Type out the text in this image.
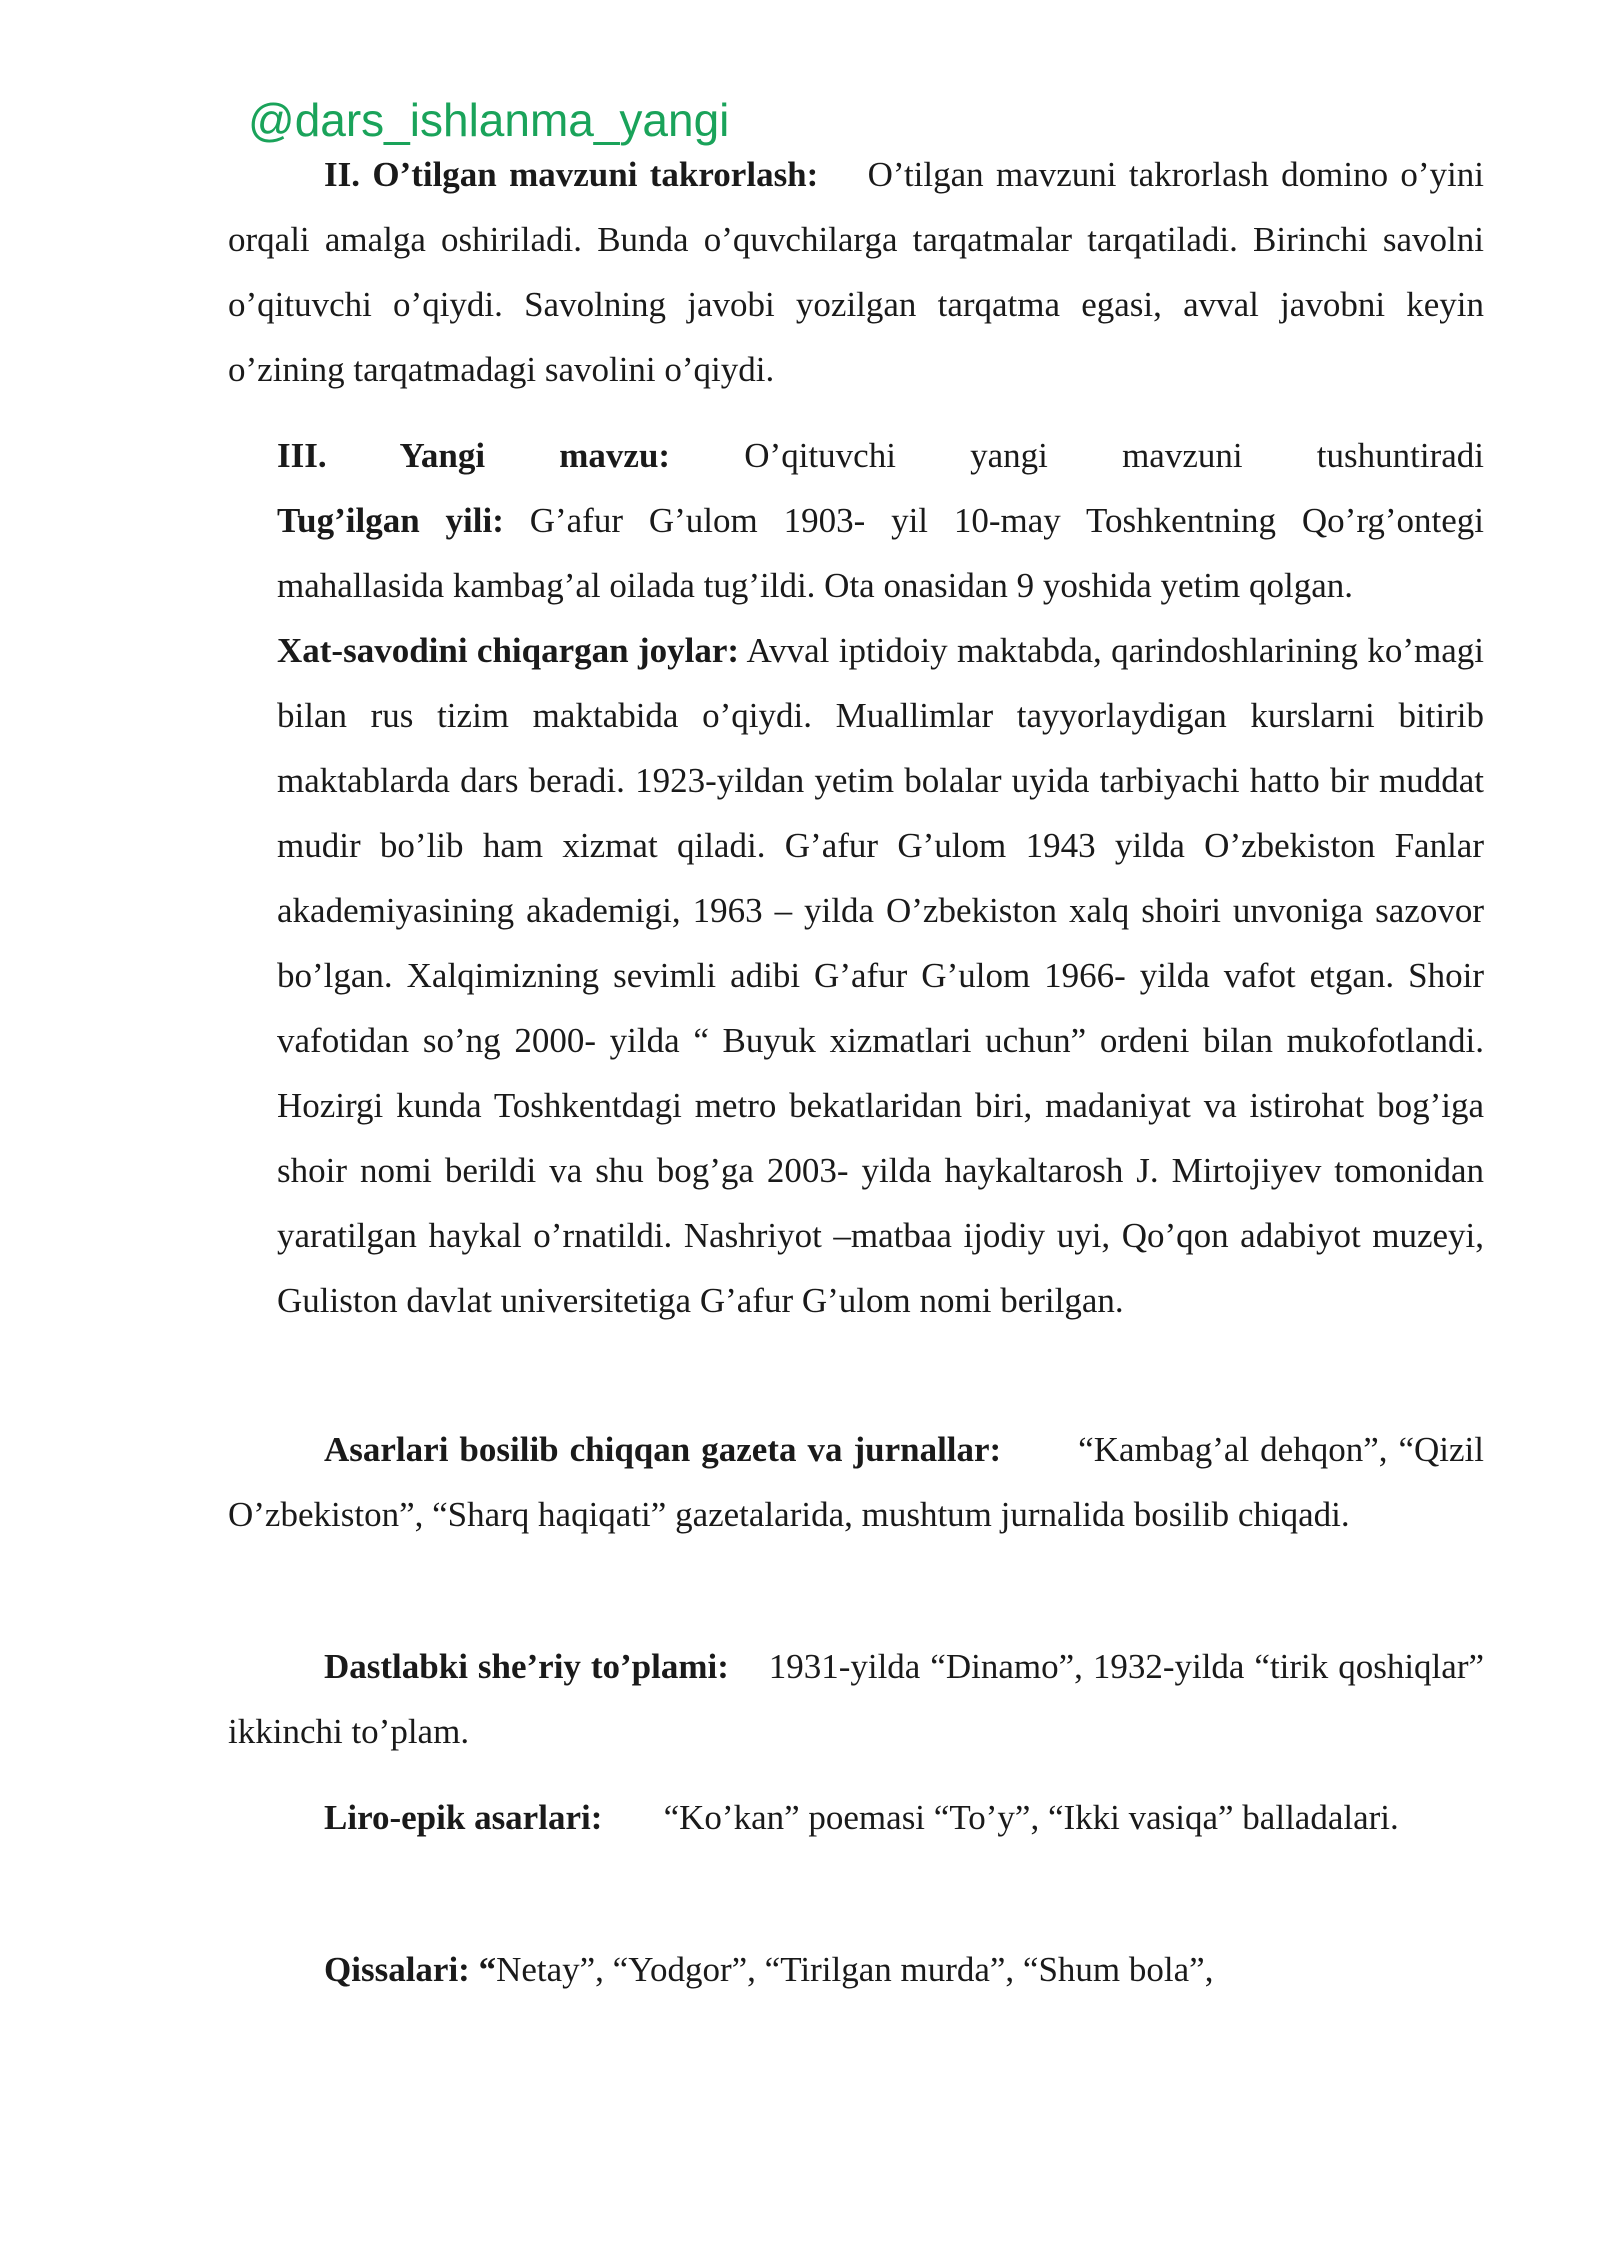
@dars_ishlanma_yangi
II. O’tilgan mavzuni takrorlash: O’tilgan mavzuni takrorlash domino o’yini orqali amalga oshiriladi. Bunda o’quvchilarga tarqatmalar tarqatiladi. Birinchi savolni o’qituvchi o’qiydi. Savolning javobi yozilgan tarqatma egasi, avval javobni keyin o’zining tarqatmadagi savolini o’qiydi.
III. Yangi mavzu: O’qituvchi yangi mavzuni tushuntiradi
Tug’ilgan yili: G’afur G’ulom 1903- yil 10-may Toshkentning Qo’rg’ontegi mahallasida kambag’al oilada tug’ildi. Ota onasidan 9 yoshida yetim qolgan.
Xat-savodini chiqargan joylar: Avval iptidoiy maktabda, qarindoshlarining ko’magi bilan rus tizim maktabida o’qiydi. Muallimlar tayyorlaydigan kurslarni bitirib maktablarda dars beradi. 1923-yildan yetim bolalar uyida tarbiyachi hatto bir muddat mudir bo’lib ham xizmat qiladi. G’afur G’ulom 1943 yilda O’zbekiston Fanlar akademiyasining akademigi, 1963 – yilda O’zbekiston xalq shoiri unvoniga sazovor bo’lgan. Xalqimizning sevimli adibi G’afur G’ulom 1966- yilda vafot etgan. Shoir vafotidan so’ng 2000- yilda “ Buyuk xizmatlari uchun” ordeni bilan mukofotlandi. Hozirgi kunda Toshkentdagi metro bekatlaridan biri, madaniyat va istirohat bog’iga shoir nomi berildi va shu bog’ga 2003- yilda haykaltarosh J. Mirtojiyev tomonidan yaratilgan haykal o’rnatildi. Nashriyot –matbaa ijodiy uyi, Qo’qon adabiyot muzeyi, Guliston davlat universitetiga G’afur G’ulom nomi berilgan.
Asarlari bosilib chiqqan gazeta va jurnallar: “Kambag’al dehqon”, “Qizil O’zbekiston”, “Sharq haqiqati” gazetalarida, mushtum jurnalida bosilib chiqadi.
Dastlabki she’riy to’plami: 1931-yilda “Dinamo”, 1932-yilda “tirik qoshiqlar” ikkinchi to’plam.
Liro-epik asarlari: “Ko’kan” poemasi “To’y”, “Ikki vasiqa” balladalari.
Qissalari: “Netay”, “Yodgor”, “Tirilgan murda”, “Shum bola”,
